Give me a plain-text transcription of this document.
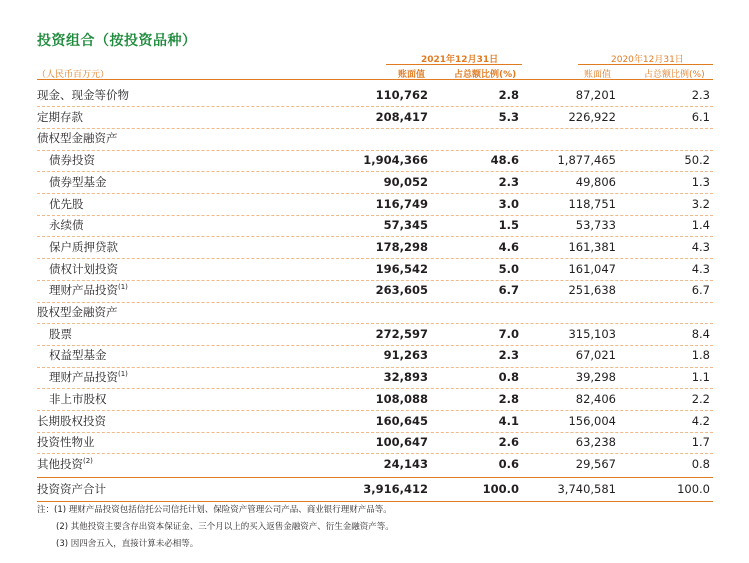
投资组合（按投资品种）
2021年12月31日	2020年12月31日
（人民币百万元）	账面值	占总额比例(%)	账面值	占总额比例(%)
现金、现金等价物	110,762	2.8	87,201	2.3
定期存款	208,417	5.3	226,922	6.1
债权型金融资产
债券投资	1,904,366	48.6	1,877,465	50.2
债券型基金	90,052	2.3	49,806	1.3
优先股	116,749	3.0	118,751	3.2
永续债	57,345	1.5	53,733	1.4
保户质押贷款	178,298	4.6	161,381	4.3
债权计划投资	196,542	5.0	161,047	4.3
理财产品投资$^{(1)}$	263,605	6.7	251,638	6.7
股权型金融资产
股票	272,597	7.0	315,103	8.4
权益型基金	91,263	2.3	67,021	1.8
理财产品投资$^{(1)}$	32,893	0.8	39,298	1.1
非上市股权	108,088	2.8	82,406	2.2
长期股权投资	160,645	4.1	156,004	4.2
投资性物业	100,647	2.6	63,238	1.7
其他投资$^{(2)}$	24,143	0.6	29,567	0.8
投资资产合计	3,916,412	100.0	3,740,581	100.0
注：(1) 理财产品投资包括信托公司信托计划、保险资产管理公司产品、商业银行理财产品等。
(2) 其他投资主要含存出资本保证金、三个月以上的买入返售金融资产、衍生金融资产等。
(3) 因四舍五入，直接计算未必相等。
